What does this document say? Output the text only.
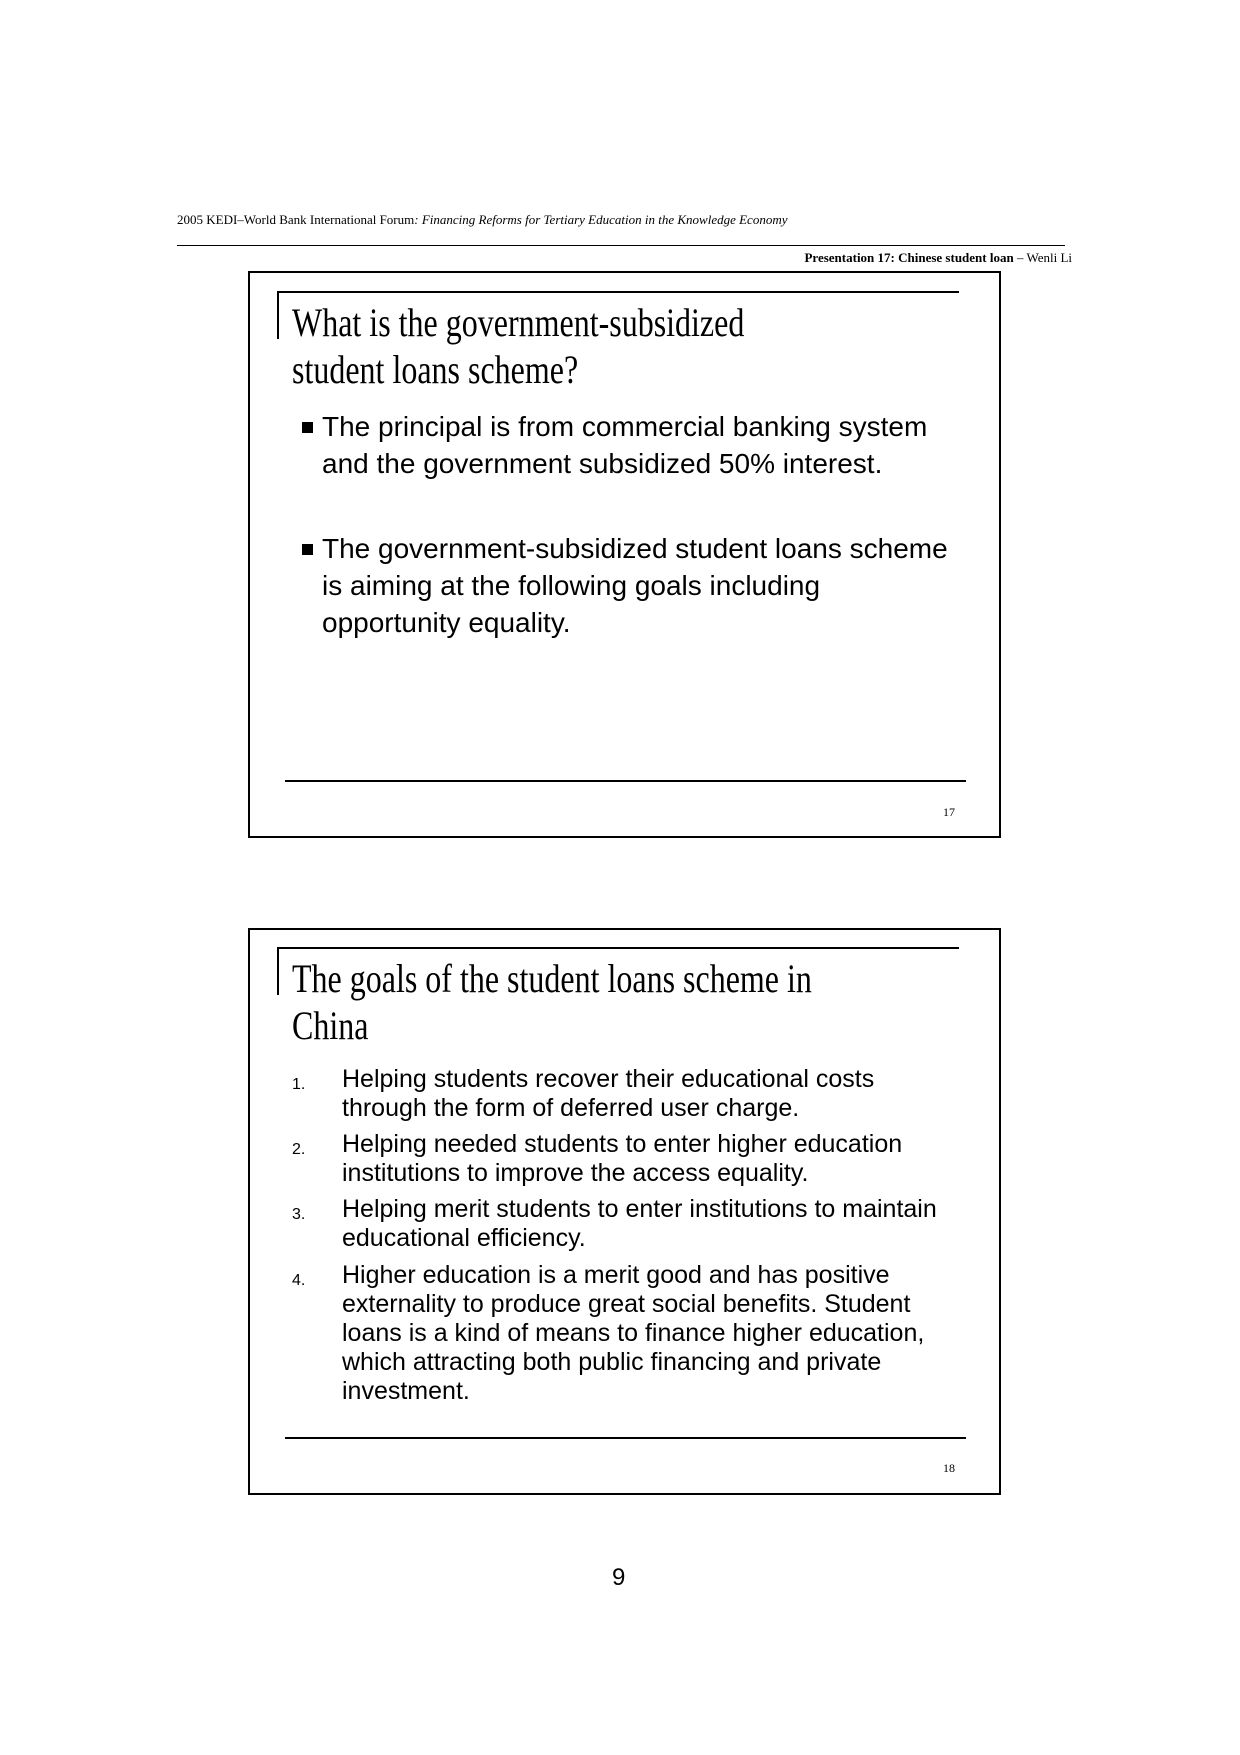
2005 KEDI–World Bank International Forum: Financing Reforms for Tertiary Education in the Knowledge Economy
Presentation 17: Chinese student loan – Wenli Li
What is the government-subsidized
student loans scheme?
The principal is from commercial banking system and the government subsidized 50% interest.
The government-subsidized student loans scheme is aiming at the following goals including opportunity equality.
17
The goals of the student loans scheme in
China
1. Helping students recover their educational costs through the form of deferred user charge.
2. Helping needed students to enter higher education institutions to improve the access equality.
3. Helping merit students to enter institutions to maintain educational efficiency.
4. Higher education is a merit good and has positive externality to produce great social benefits. Student loans is a kind of means to finance higher education, which attracting both public financing and private investment.
18
9
